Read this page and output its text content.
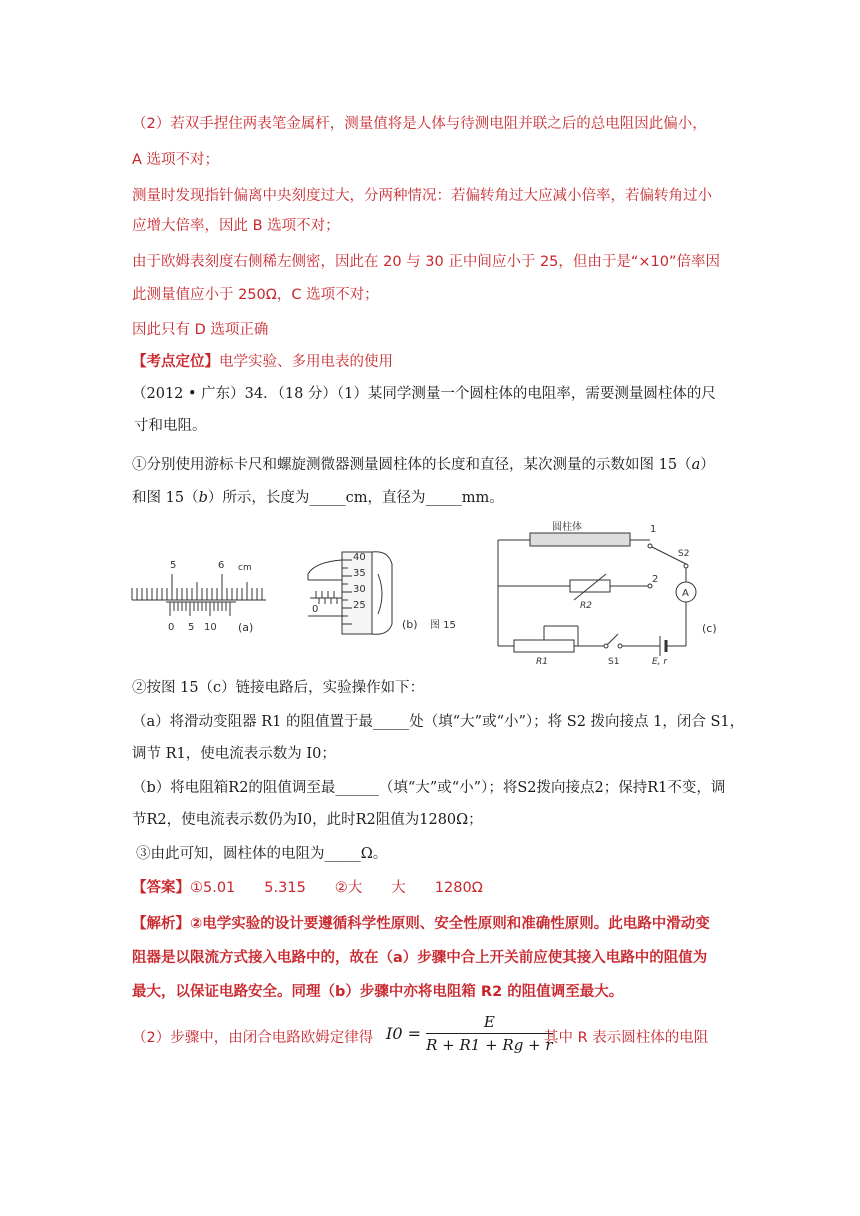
（2）若双手捏住两表笔金属杆，测量值将是人体与待测电阻并联之后的总电阻因此偏小，
A 选项不对；
测量时发现指针偏离中央刻度过大，分两种情况：若偏转角过大应减小倍率，若偏转角过小
应增大倍率，因此 B 选项不对；
由于欧姆表刻度右侧稀左侧密，因此在 20 与 30 正中间应小于 25，但由于是“×10”倍率因
此测量值应小于 250Ω，C 选项不对；
因此只有 D 选项正确
【考点定位】电学实验、多用电表的使用
（2012 • 广东）34．（18 分）（1）某同学测量一个圆柱体的电阻率，需要测量圆柱体的尺
寸和电阻。
①分别使用游标卡尺和螺旋测微器测量圆柱体的长度和直径，某次测量的示数如图 15（a）
和图 15（b）所示，长度为_____cm，直径为_____mm。
5	6 cm
0 5 10 (a)
40
35
30
25
0
(b) 图 15
圆柱体	1
2
S2
R2
A
R1	S1	E, r
(c)
②按图 15（c）链接电路后，实验操作如下：
（a）将滑动变阻器 R1 的阻值置于最_____处（填“大”或“小”）；将 S2 拨向接点 1，闭合 S1，
调节 R1，使电流表示数为 I0；
（b）将电阻箱R2的阻值调至最______（填“大”或“小”）；将S2拨向接点2；保持R1不变，调
节R2，使电流表示数仍为I0，此时R2阻值为1280Ω；
③由此可知，圆柱体的电阻为_____Ω。
【答案】①5.01　　5.315　　②大　　大　　1280Ω
【解析】②电学实验的设计要遵循科学性原则、安全性原则和准确性原则。此电路中滑动变
阻器是以限流方式接入电路中的，故在（a）步骤中合上开关前应使其接入电路中的阻值为
最大，以保证电路安全。同理（b）步骤中亦将电阻箱 R2 的阻值调至最大。
（2）步骤中，由闭合电路欧姆定律得 $I0 = \frac{E}{R + R1 + Rg + r}$
其中 R 表示圆柱体的电阻
